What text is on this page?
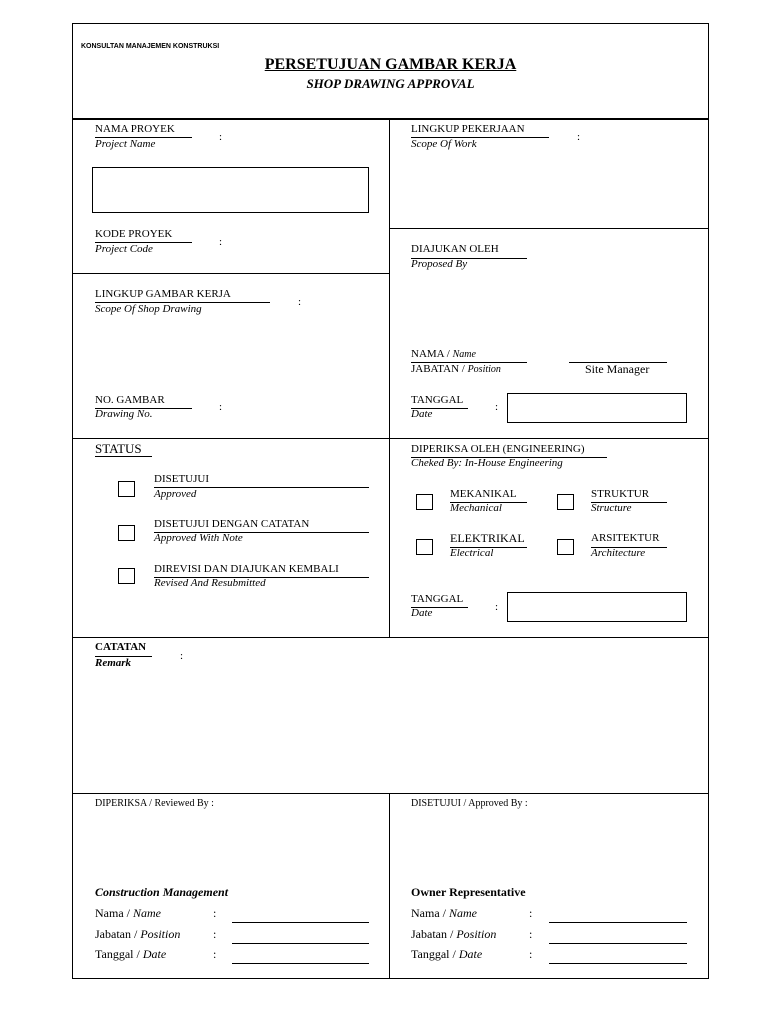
KONSULTAN MANAJEMEN KONSTRUKSI
PERSETUJUAN GAMBAR KERJA
SHOP DRAWING APPROVAL
NAMA PROYEK
Project Name
:
KODE PROYEK
Project Code
:
LINGKUP PEKERJAAN
Scope Of Work
:
LINGKUP GAMBAR KERJA
Scope Of Shop Drawing
:
NO. GAMBAR
Drawing No.
:
DIAJUKAN OLEH
Proposed By
NAMA / Name
JABATAN / Position	Site Manager
TANGGAL
Date
:
STATUS
DISETUJUI
Approved
DISETUJUI DENGAN CATATAN
Approved With Note
DIREVISI DAN DIAJUKAN KEMBALI
Revised And Resubmitted
DIPERIKSA OLEH (ENGINEERING)
Cheked By: In-House Engineering
MEKANIKAL
Mechanical
STRUKTUR
Structure
ELEKTRIKAL
Electrical
ARSITEKTUR
Architecture
TANGGAL
Date	:
CATATAN
Remark
:
DIPERIKSA / Reviewed By :
Construction Management
Nama / Name	:
Jabatan / Position	:
Tanggal / Date	:
DISETUJUI / Approved By :
Owner Representative
Nama / Name	:
Jabatan / Position	:
Tanggal / Date	:
